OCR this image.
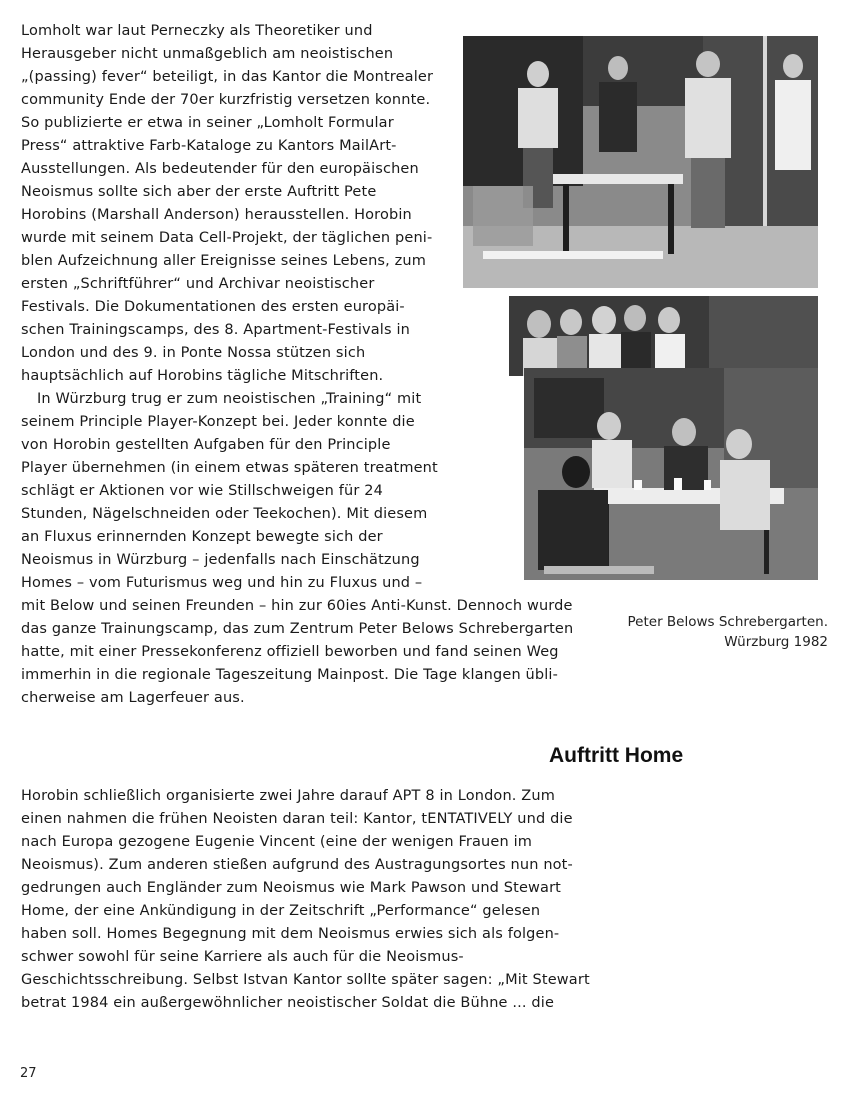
Lomholt war laut Perneczky als Theoretiker und

Herausgeber nicht unmaßgeblich am neoistischen

„(passing) fever“ beteiligt, in das Kantor die Montrealer

community Ende der 70er kurzfristig versetzen konnte.

So publizierte er etwa in seiner „Lomholt Formular

Press“ attraktive Farb-Kataloge zu Kantors MailArt-

Ausstellungen. Als bedeutender für den europäischen

Neoismus sollte sich aber der erste Auftritt Pete

Horobins (Marshall Anderson) herausstellen. Horobin

wurde mit seinem Data Cell-Projekt, der täglichen peni-

blen Aufzeichnung aller Ereignisse seines Lebens, zum

ersten „Schriftführer“ und Archivar neoistischer

Festivals. Die Dokumentationen des ersten europäi-

schen Trainingscamps, des 8. Apartment-Festivals in

London und des 9. in Ponte Nossa stützen sich

hauptsächlich auf Horobins tägliche Mitschriften.

In Würzburg trug er zum neoistischen „Training“ mit

seinem Principle Player-Konzept bei. Jeder konnte die

von Horobin gestellten Aufgaben für den Principle

Player übernehmen (in einem etwas späteren treatment

schlägt er Aktionen vor wie Stillschweigen für 24

Stunden, Nägelschneiden oder Teekochen). Mit diesem

an Fluxus erinnernden Konzept bewegte sich der

Neoismus in Würzburg – jedenfalls nach Einschätzung

Homes – vom Futurismus weg und hin zu Fluxus und –

mit Below und seinen Freunden – hin zur 60ies Anti-Kunst. Dennoch wurde

das ganze Trainungscamp, das zum Zentrum Peter Belows Schrebergarten

hatte, mit einer Pressekonferenz offiziell beworben und fand seinen Weg

immerhin in die regionale Tageszeitung Mainpost. Die Tage klangen übli-

cherweise am Lagerfeuer aus.

Peter Belows Schrebergarten.
Würzburg 1982
Auftritt Home

Horobin schließlich organisierte zwei Jahre darauf APT 8 in London. Zum

einen nahmen die frühen Neoisten daran teil: Kantor, tENTATIVELY und die

nach Europa gezogene Eugenie Vincent (eine der wenigen Frauen im

Neoismus). Zum anderen stießen aufgrund des Austragungsortes nun not-

gedrungen auch Engländer zum Neoismus wie Mark Pawson und Stewart

Home, der eine Ankündigung in der Zeitschrift „Performance“ gelesen

haben soll. Homes Begegnung mit dem Neoismus erwies sich als folgen-

schwer sowohl für seine Karriere als auch für die Neoismus-

Geschichtsschreibung. Selbst Istvan Kantor sollte später sagen: „Mit Stewart

betrat 1984 ein außergewöhnlicher neoistischer Soldat die Bühne ... die

27
